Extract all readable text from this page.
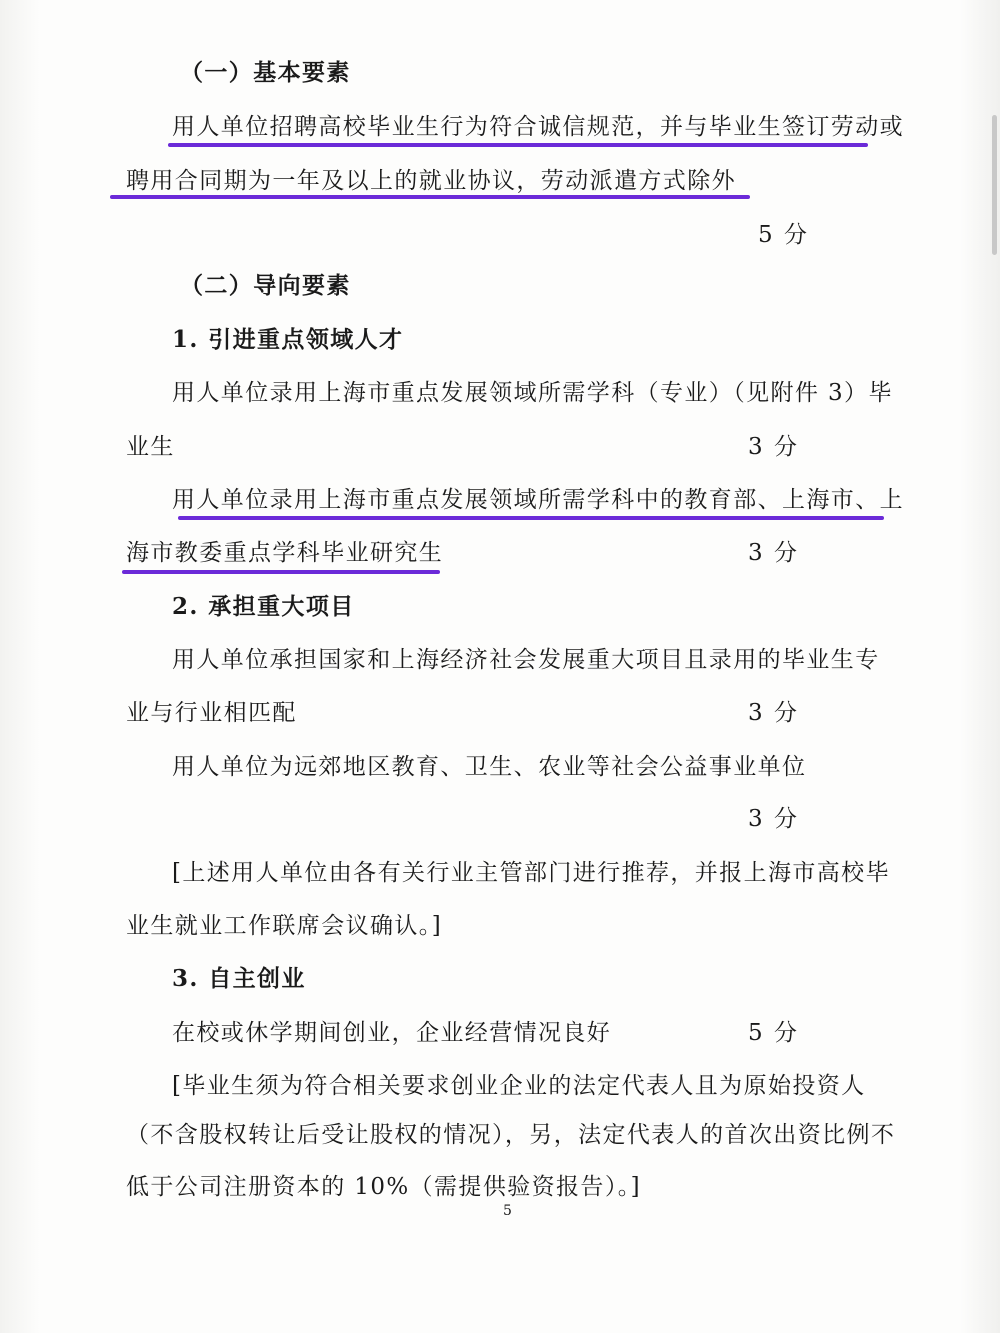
（一）基本要素
用人单位招聘高校毕业生行为符合诚信规范，并与毕业生签订劳动或
聘用合同期为一年及以上的就业协议，劳动派遣方式除外
5 分
（二）导向要素
1. 引进重点领域人才
用人单位录用上海市重点发展领域所需学科（专业）（见附件 3）毕
业生	3 分
用人单位录用上海市重点发展领域所需学科中的教育部、上海市、上
海市教委重点学科毕业研究生	3 分
2. 承担重大项目
用人单位承担国家和上海经济社会发展重大项目且录用的毕业生专
业与行业相匹配	3 分
用人单位为远郊地区教育、卫生、农业等社会公益事业单位
3 分
[上述用人单位由各有关行业主管部门进行推荐，并报上海市高校毕
业生就业工作联席会议确认。]
3. 自主创业
在校或休学期间创业，企业经营情况良好	5 分
[毕业生须为符合相关要求创业企业的法定代表人且为原始投资人
（不含股权转让后受让股权的情况），另，法定代表人的首次出资比例不
低于公司注册资本的 10%（需提供验资报告）。]
5
